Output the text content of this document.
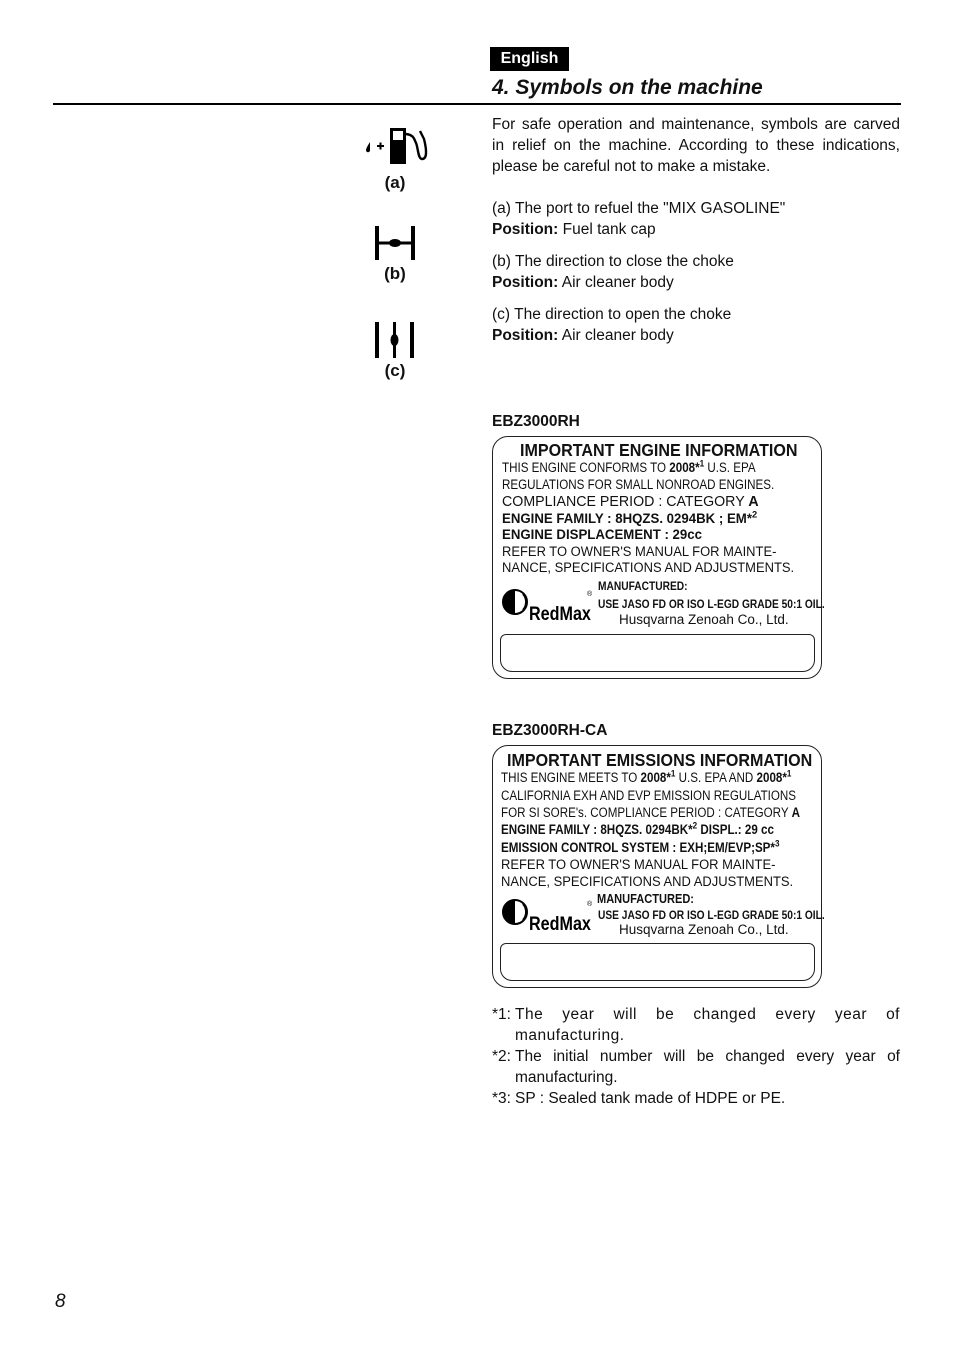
English
4. Symbols on the machine
(a)
(b)
(c)
For safe operation and maintenance, symbols are carved in relief on the machine. According to these indications, please be careful not to make a mistake.
(a) The port to refuel the "MIX GASOLINE"
Position: Fuel tank cap
(b) The direction to close the choke
Position: Air cleaner body
(c) The direction to open the choke
Position: Air cleaner body
EBZ3000RH
IMPORTANT ENGINE INFORMATION
THIS ENGINE CONFORMS TO 2008*$^1$ U.S. EPA
REGULATIONS FOR SMALL NONROAD ENGINES.
COMPLIANCE PERIOD : CATEGORY A
ENGINE FAMILY : 8HQZS. 0294BK ; EM*$^2$
ENGINE DISPLACEMENT : 29cc
REFER TO OWNER'S MANUAL FOR MAINTE-
NANCE, SPECIFICATIONS AND ADJUSTMENTS.
MANUFACTURED:
USE JASO FD OR ISO L-EGD GRADE 50:1 OIL.
Husqvarna Zenoah Co., Ltd.
RedMax
®
EBZ3000RH-CA
IMPORTANT EMISSIONS INFORMATION
THIS ENGINE MEETS TO 2008*$^1$ U.S. EPA AND 2008*$^1$
CALIFORNIA EXH AND EVP EMISSION REGULATIONS
FOR SI SORE's. COMPLIANCE PERIOD : CATEGORY A
ENGINE FAMILY : 8HQZS. 0294BK*$^2$ DISPL.: 29 cc
EMISSION CONTROL SYSTEM : EXH;EM/EVP;SP*$^3$
REFER TO OWNER'S MANUAL FOR MAINTE-
NANCE, SPECIFICATIONS AND ADJUSTMENTS.
MANUFACTURED:
USE JASO FD OR ISO L-EGD GRADE 50:1 OIL.
Husqvarna Zenoah Co., Ltd.
RedMax
®
*1: The year will be changed every year of manufacturing.
*2: The initial number will be changed every year of manufacturing.
*3: SP : Sealed tank made of HDPE or PE.
8
